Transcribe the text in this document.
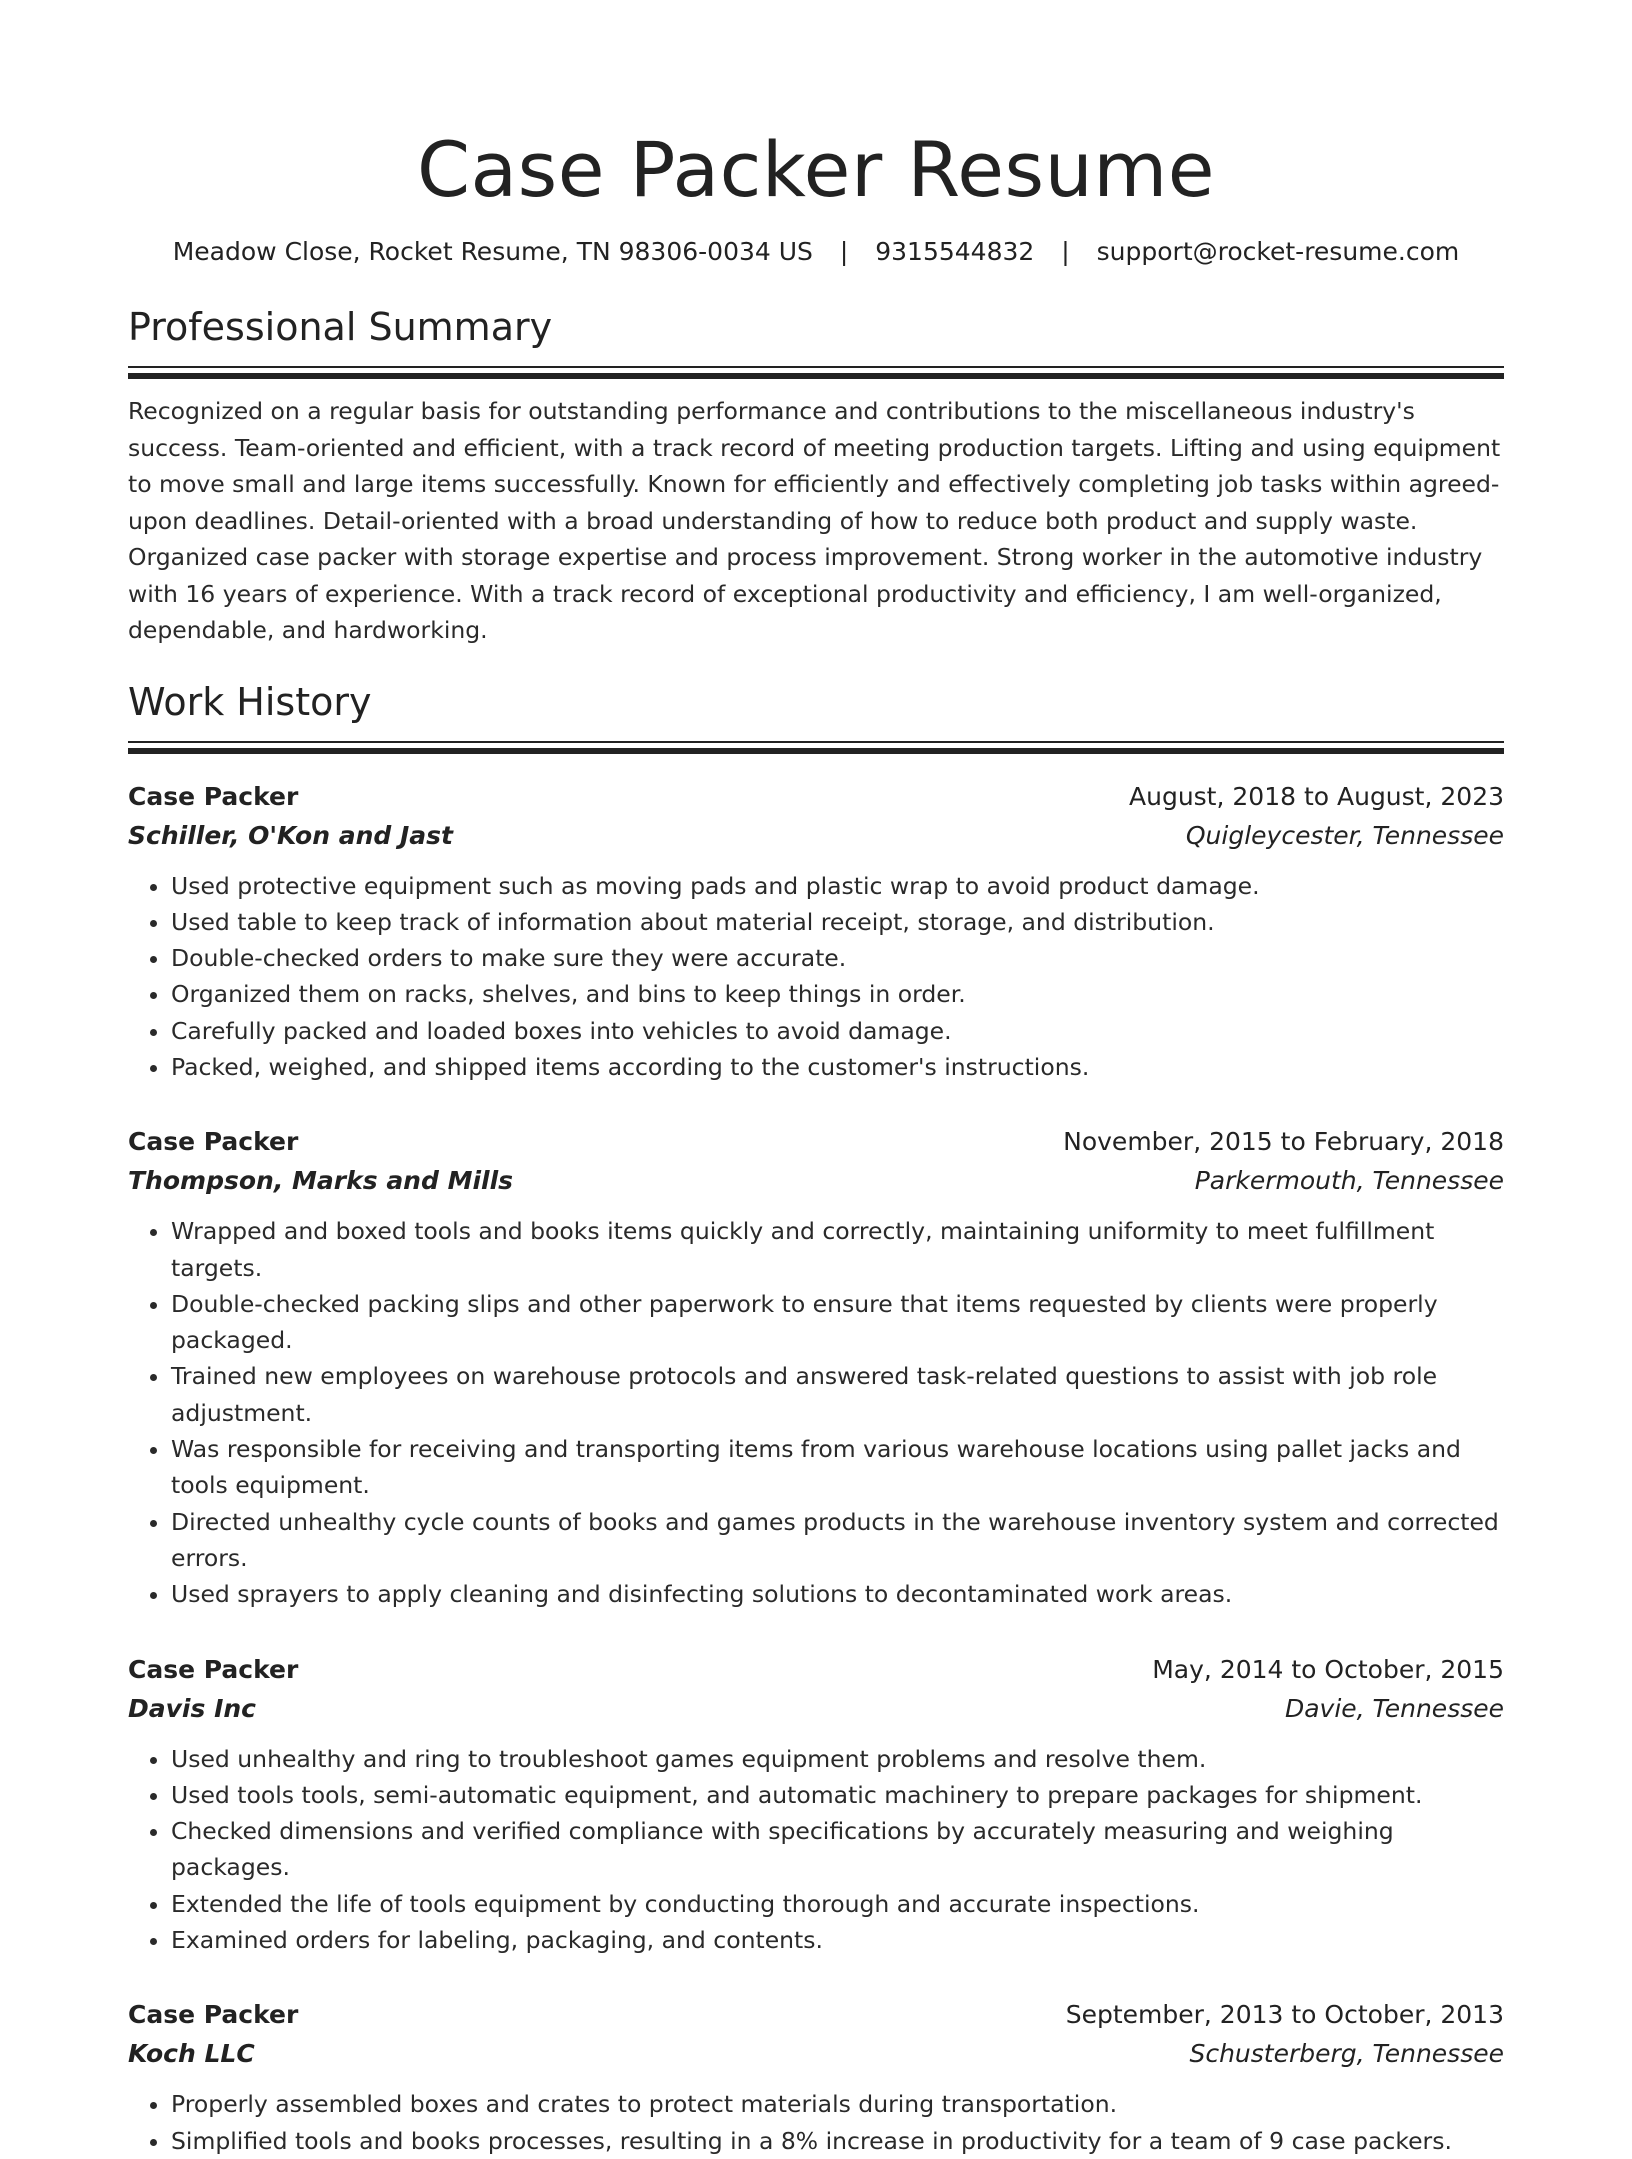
Case Packer Resume
Meadow Close, Rocket Resume, TN 98306-0034 US | 9315544832 | support@rocket-resume.com
Professional Summary

Recognized on a regular basis for outstanding performance and contributions to the miscellaneous industry's success. Team-oriented and efficient, with a track record of meeting production targets. Lifting and using equipment to move small and large items successfully. Known for efficiently and effectively completing job tasks within agreed-upon deadlines. Detail-oriented with a broad understanding of how to reduce both product and supply waste. Organized case packer with storage expertise and process improvement. Strong worker in the automotive industry with 16 years of experience. With a track record of exceptional productivity and efficiency, I am well-organized, dependable, and hardworking.

Work History
Case Packer	August, 2018 to August, 2023
Schiller, O'Kon and Jast	Quigleycester, Tennessee
• Used protective equipment such as moving pads and plastic wrap to avoid product damage.
• Used table to keep track of information about material receipt, storage, and distribution.
• Double-checked orders to make sure they were accurate.
• Organized them on racks, shelves, and bins to keep things in order.
• Carefully packed and loaded boxes into vehicles to avoid damage.
• Packed, weighed, and shipped items according to the customer's instructions.
Case Packer	November, 2015 to February, 2018
Thompson, Marks and Mills	Parkermouth, Tennessee
• Wrapped and boxed tools and books items quickly and correctly, maintaining uniformity to meet fulfillment targets.
• Double-checked packing slips and other paperwork to ensure that items requested by clients were properly packaged.
• Trained new employees on warehouse protocols and answered task-related questions to assist with job role adjustment.
• Was responsible for receiving and transporting items from various warehouse locations using pallet jacks and tools equipment.
• Directed unhealthy cycle counts of books and games products in the warehouse inventory system and corrected errors.
• Used sprayers to apply cleaning and disinfecting solutions to decontaminated work areas.
Case Packer	May, 2014 to October, 2015
Davis Inc	Davie, Tennessee
• Used unhealthy and ring to troubleshoot games equipment problems and resolve them.
• Used tools tools, semi-automatic equipment, and automatic machinery to prepare packages for shipment.
• Checked dimensions and verified compliance with specifications by accurately measuring and weighing packages.
• Extended the life of tools equipment by conducting thorough and accurate inspections.
• Examined orders for labeling, packaging, and contents.
Case Packer	September, 2013 to October, 2013
Koch LLC	Schusterberg, Tennessee
• Properly assembled boxes and crates to protect materials during transportation.
• Simplified tools and books processes, resulting in a 8% increase in productivity for a team of 9 case packers.
